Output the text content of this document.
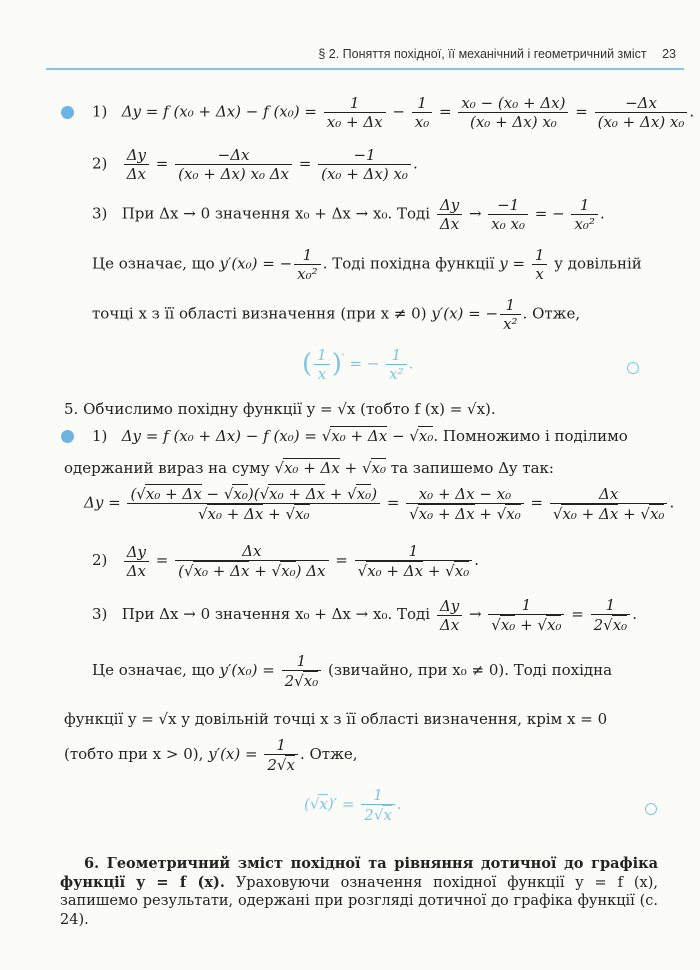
§ 2. Поняття похідної, її механічний і геометричний зміст 23
1) Δy = f (x₀ + Δx) − f $(x_0) = \frac{1}{\text{x₀ + Δx}} - \frac{1}{\text{x₀}} = \frac{\text{x₀ − (x₀ + Δx)}}{\text{(x₀ + Δx) x₀}} = \frac{-\Delta x}{\text{(x₀ + Δx) x₀}}$ .
$2) \frac{\Delta y}{\Delta x} = \frac{-\Delta x}{\text{(x₀ + Δx) x₀ Δx}} = \frac{-1}{\text{(x₀ + Δx) x₀}}$ .
3) При Δx → 0 значення x₀ + Δx → x₀. Тоді $\frac{\Delta y}{\Delta x} \to \frac{-1}{\text{x₀ x₀}}$ = − $\frac{1}{\text{x₀²}}$ .
Це означає, що y′(x₀) = − $\frac{1}{\text{x₀²}}$ . Тоді похідна функції $y = \frac{1}{x}$ у довільній
точці x з її області визначення (при x ≠ 0) y′(x) = − $\frac{1}{\text{x²}}$ . Отже,
( $\frac{1}{x} )'$ = − $\frac{1}{\text{x²}}$ .
5. Обчислимо похідну функції y = √x (тобто f (x) = √x).
1) Δy = f (x₀ + Δx) − f (x₀) = √x₀ + Δx − √x₀. Помножимо і поділимо
одержаний вираз на суму √x₀ + Δx + √x₀ та запишемо Δy так:
$\Delta y = \frac{\text{(√x₀ + Δx − √x₀)(√x₀ + Δx + √x₀)}}{\text{√x₀ + Δx + √x₀}} = \frac{\text{x₀ + Δx − x₀}}{\text{√x₀ + Δx + √x₀}} = \frac{\Delta x}{\text{√x₀ + Δx + √x₀}}$ .
$2) \frac{\Delta y}{\Delta x} = \frac{\Delta x}{\text{(√x₀ + Δx + √x₀) Δx}} = \frac{1}{\text{√x₀ + Δx + √x₀}}$ .
3) При Δx → 0 значення x₀ + Δx → x₀. Тоді $\frac{\Delta y}{\Delta x} \to \frac{1}{\text{√x₀ + √x₀}} = \frac{1}{\text{2√x₀}}$ .
Це означає, що $y'(x_0) = \frac{1}{\text{2√x₀}}$ (звичайно, при x₀ ≠ 0). Тоді похідна
функції y = √x у довільній точці x з її області визначення, крім x = 0
(тобто при x > 0), $y'(x) = \frac{1}{2√x}$ . Отже,
$(√x)' = \frac{1}{2√x}$ .
6. Геометричний зміст похідної та рівняння дотичної до графіка функції y = f (x). Ураховуючи означення похідної функції y = f (x), запишемо результати, одержані при розгляді дотичної до графіка функції (с. 24).
